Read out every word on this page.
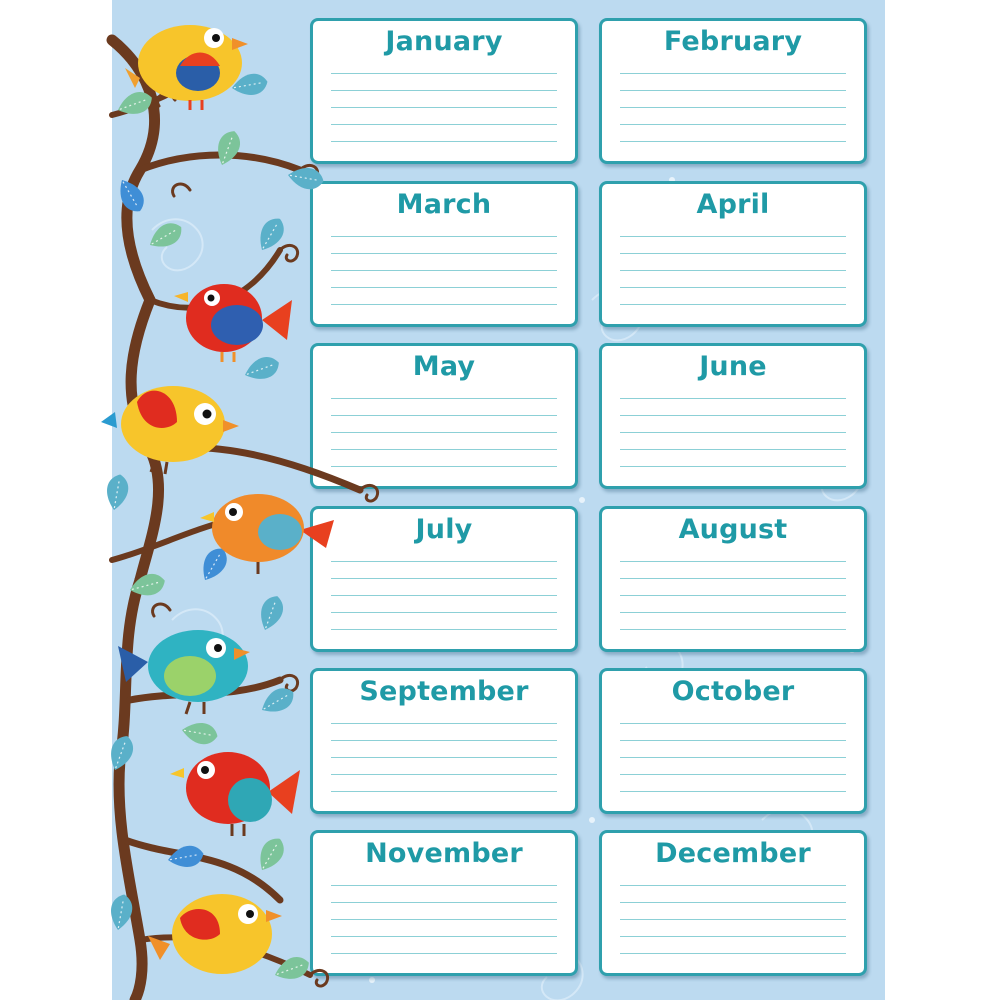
January	February
March	April
May	June
July	August
September	October
November	December
